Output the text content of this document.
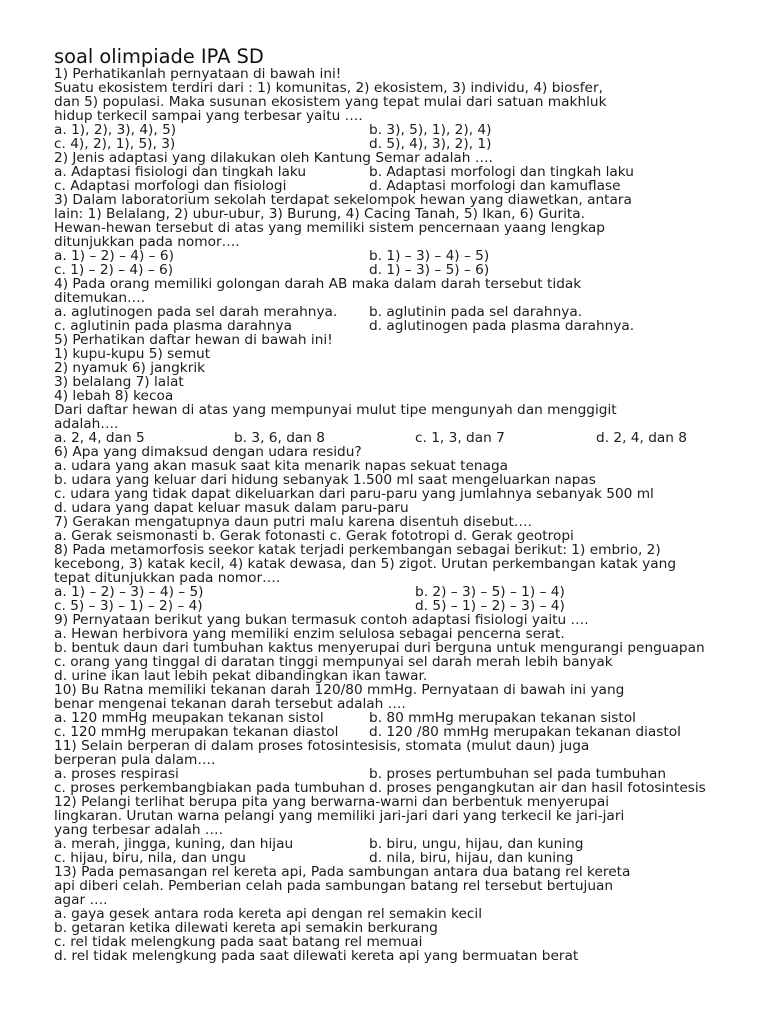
soal olimpiade IPA SD
1) Perhatikanlah pernyataan di bawah ini!
Suatu ekosistem terdiri dari : 1) komunitas, 2) ekosistem, 3) individu, 4) biosfer,
dan 5) populasi. Maka susunan ekosistem yang tepat mulai dari satuan makhluk
hidup terkecil sampai yang terbesar yaitu ….
a. 1), 2), 3), 4), 5)	b. 3), 5), 1), 2), 4)
c. 4), 2), 1), 5), 3)	d. 5), 4), 3), 2), 1)
2) Jenis adaptasi yang dilakukan oleh Kantung Semar adalah ….
a. Adaptasi fisiologi dan tingkah laku	b. Adaptasi morfologi dan tingkah laku
c. Adaptasi morfologi dan fisiologi	d. Adaptasi morfologi dan kamuflase
3) Dalam laboratorium sekolah terdapat sekelompok hewan yang diawetkan, antara
lain: 1) Belalang, 2) ubur-ubur, 3) Burung, 4) Cacing Tanah, 5) Ikan, 6) Gurita.
Hewan-hewan tersebut di atas yang memiliki sistem pencernaan yaang lengkap
ditunjukkan pada nomor….
a. 1) – 2) – 4) – 6)	b. 1) – 3) – 4) – 5)
c. 1) – 2) – 4) – 6)	d. 1) – 3) – 5) – 6)
4) Pada orang memiliki golongan darah AB maka dalam darah tersebut tidak
ditemukan….
a. aglutinogen pada sel darah merahnya. b. aglutinin pada sel darahnya.
c. aglutinin pada plasma darahnya	d. aglutinogen pada plasma darahnya.
5) Perhatikan daftar hewan di bawah ini!
1) kupu-kupu 5) semut
2) nyamuk 6) jangkrik
3) belalang 7) lalat
4) lebah 8) kecoa
Dari daftar hewan di atas yang mempunyai mulut tipe mengunyah dan menggigit
adalah….
a. 2, 4, dan 5	b. 3, 6, dan 8	c. 1, 3, dan 7	d. 2, 4, dan 8
6) Apa yang dimaksud dengan udara residu?
a. udara yang akan masuk saat kita menarik napas sekuat tenaga
b. udara yang keluar dari hidung sebanyak 1.500 ml saat mengeluarkan napas
c. udara yang tidak dapat dikeluarkan dari paru-paru yang jumlahnya sebanyak 500 ml
d. udara yang dapat keluar masuk dalam paru-paru
7) Gerakan mengatupnya daun putri malu karena disentuh disebut….
a. Gerak seismonasti b. Gerak fotonasti c. Gerak fototropi d. Gerak geotropi
8) Pada metamorfosis seekor katak terjadi perkembangan sebagai berikut: 1) embrio, 2)
kecebong, 3) katak kecil, 4) katak dewasa, dan 5) zigot. Urutan perkembangan katak yang
tepat ditunjukkan pada nomor….
a. 1) – 2) – 3) – 4) – 5)	b. 2) – 3) – 5) – 1) – 4)
c. 5) – 3) – 1) – 2) – 4)	d. 5) – 1) – 2) – 3) – 4)
9) Pernyataan berikut yang bukan termasuk contoh adaptasi fisiologi yaitu ….
a. Hewan herbivora yang memiliki enzim selulosa sebagai pencerna serat.
b. bentuk daun dari tumbuhan kaktus menyerupai duri berguna untuk mengurangi penguapan
c. orang yang tinggal di daratan tinggi mempunyai sel darah merah lebih banyak
d. urine ikan laut lebih pekat dibandingkan ikan tawar.
10) Bu Ratna memiliki tekanan darah 120/80 mmHg. Pernyataan di bawah ini yang
benar mengenai tekanan darah tersebut adalah ….
a. 120 mmHg meupakan tekanan sistol	b. 80 mmHg merupakan tekanan sistol
c. 120 mmHg merupakan tekanan diastol d. 120 /80 mmHg merupakan tekanan diastol
11) Selain berperan di dalam proses fotosintesisis, stomata (mulut daun) juga
berperan pula dalam….
a. proses respirasi	b. proses pertumbuhan sel pada tumbuhan
c. proses perkembangbiakan pada tumbuhan d. proses pengangkutan air dan hasil fotosintesis
12) Pelangi terlihat berupa pita yang berwarna-warni dan berbentuk menyerupai
lingkaran. Urutan warna pelangi yang memiliki jari-jari dari yang terkecil ke jari-jari
yang terbesar adalah ….
a. merah, jingga, kuning, dan hijau	b. biru, ungu, hijau, dan kuning
c. hijau, biru, nila, dan ungu	d. nila, biru, hijau, dan kuning
13) Pada pemasangan rel kereta api, Pada sambungan antara dua batang rel kereta
api diberi celah. Pemberian celah pada sambungan batang rel tersebut bertujuan
agar ….
a. gaya gesek antara roda kereta api dengan rel semakin kecil
b. getaran ketika dilewati kereta api semakin berkurang
c. rel tidak melengkung pada saat batang rel memuai
d. rel tidak melengkung pada saat dilewati kereta api yang bermuatan berat
